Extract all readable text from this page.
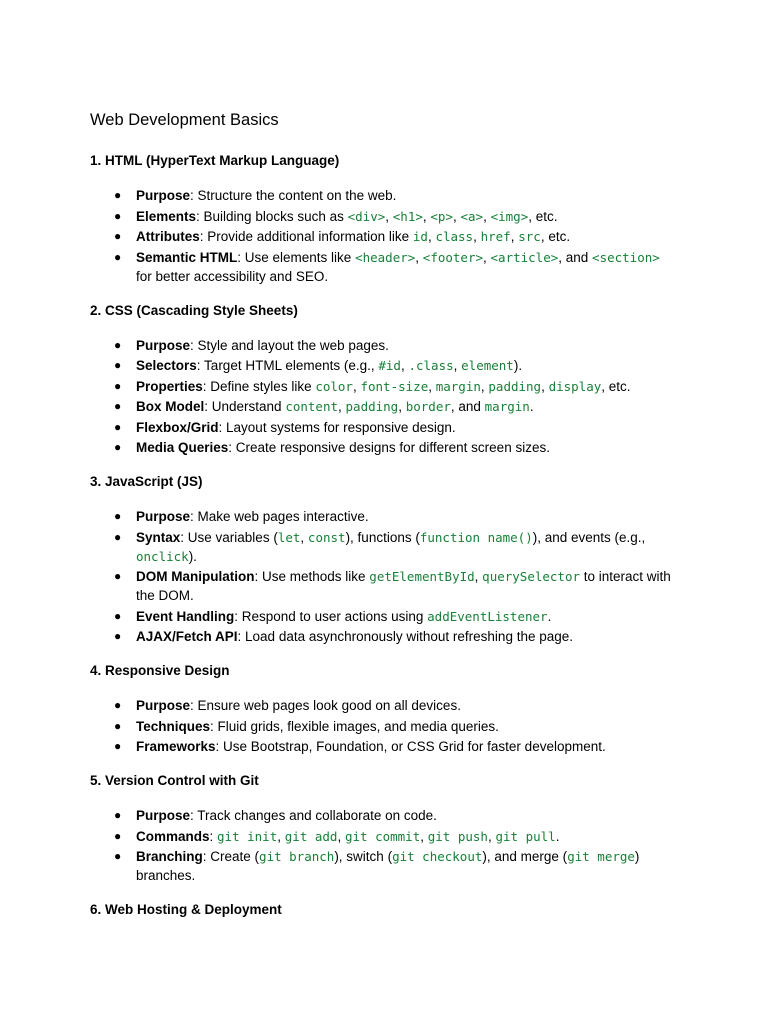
Web Development Basics
1. HTML (HyperText Markup Language)
● Purpose: Structure the content on the web.
● Elements: Building blocks such as <div>, <h1>, <p>, <a>, <img>, etc.
● Attributes: Provide additional information like id, class, href, src, etc.
● Semantic HTML: Use elements like <header>, <footer>, <article>, and <section> for better accessibility and SEO.
2. CSS (Cascading Style Sheets)
● Purpose: Style and layout the web pages.
● Selectors: Target HTML elements (e.g., #id, .class, element).
● Properties: Define styles like color, font-size, margin, padding, display, etc.
● Box Model: Understand content, padding, border, and margin.
● Flexbox/Grid: Layout systems for responsive design.
● Media Queries: Create responsive designs for different screen sizes.
3. JavaScript (JS)
● Purpose: Make web pages interactive.
● Syntax: Use variables (let, const), functions (function name()), and events (e.g., onclick).
● DOM Manipulation: Use methods like getElementById, querySelector to interact with the DOM.
● Event Handling: Respond to user actions using addEventListener.
● AJAX/Fetch API: Load data asynchronously without refreshing the page.
4. Responsive Design
● Purpose: Ensure web pages look good on all devices.
● Techniques: Fluid grids, flexible images, and media queries.
● Frameworks: Use Bootstrap, Foundation, or CSS Grid for faster development.
5. Version Control with Git
● Purpose: Track changes and collaborate on code.
● Commands: git init, git add, git commit, git push, git pull.
● Branching: Create (git branch), switch (git checkout), and merge (git merge) branches.
6. Web Hosting & Deployment
